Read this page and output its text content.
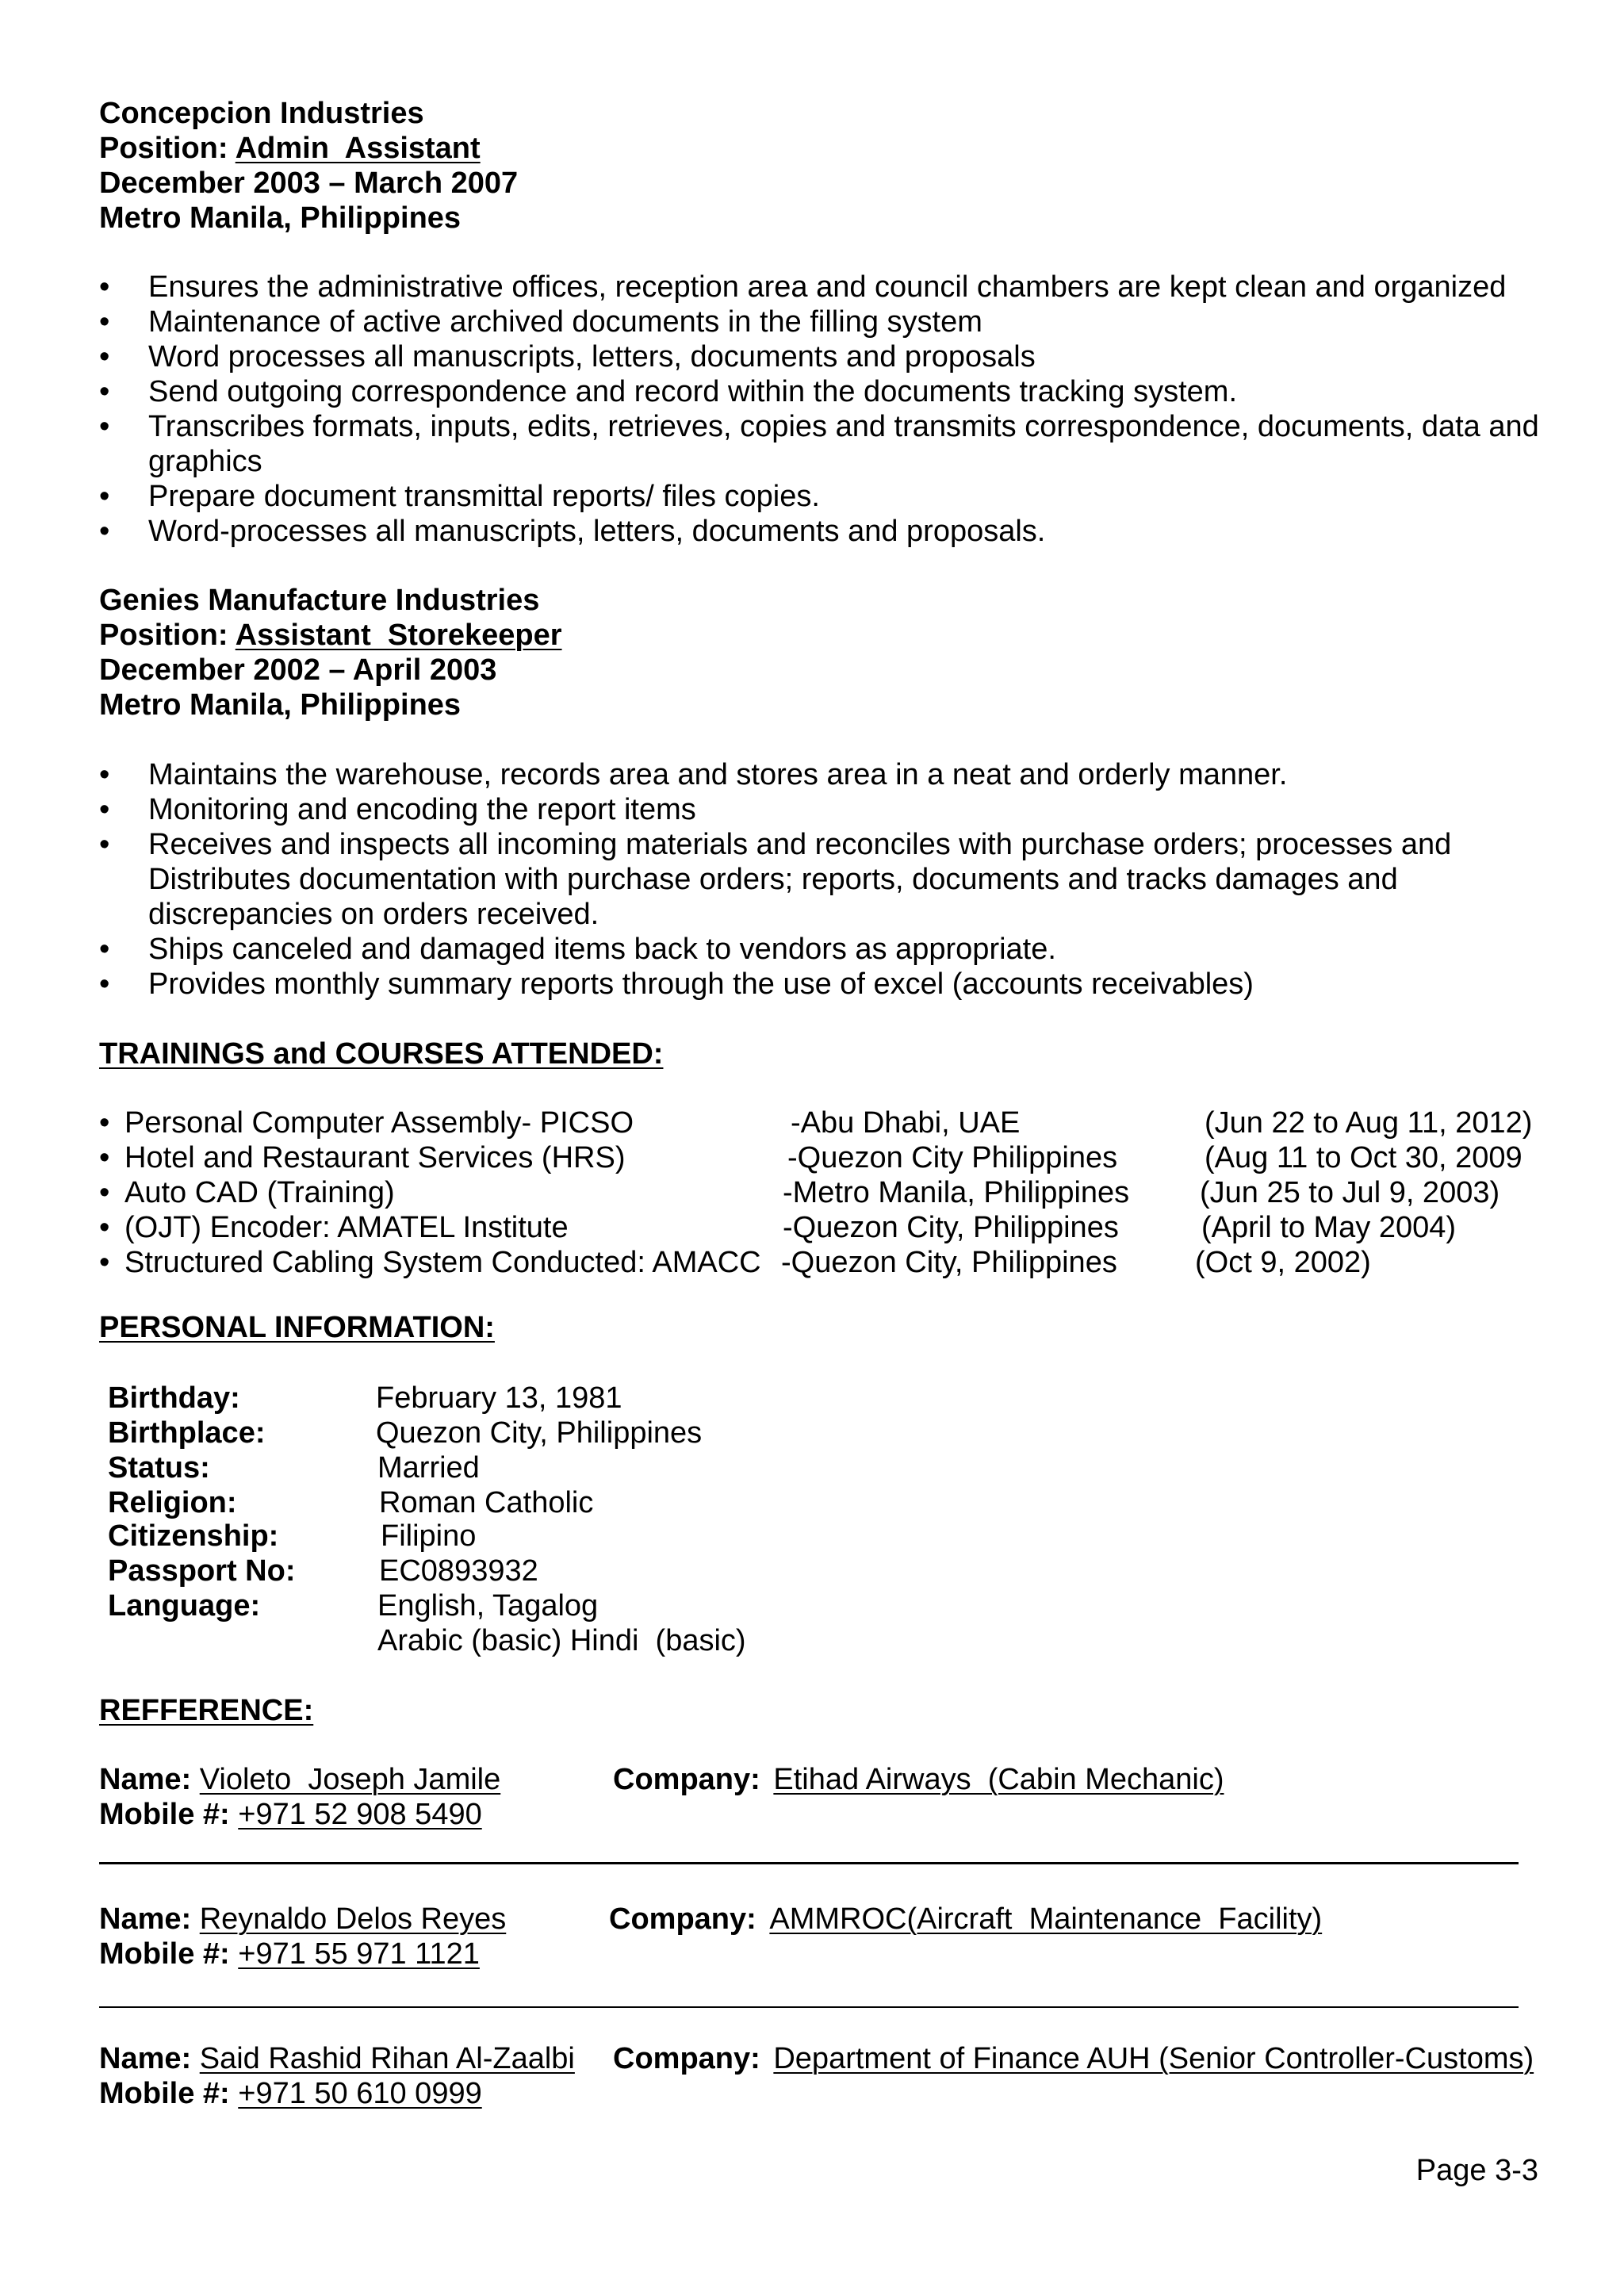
Concepcion Industries
Position: Admin  Assistant
December 2003 – March 2007
Metro Manila, Philippines
•	Ensures the administrative offices, reception area and council chambers are kept clean and organized
•	Maintenance of active archived documents in the filling system
•	Word processes all manuscripts, letters, documents and proposals
•	Send outgoing correspondence and record within the documents tracking system.
•	Transcribes formats, inputs, edits, retrieves, copies and transmits correspondence, documents, data and graphics
•	Prepare document transmittal reports/ files copies.
•	Word-processes all manuscripts, letters, documents and proposals.
Genies Manufacture Industries
Position: Assistant  Storekeeper
December 2002 – April 2003
Metro Manila, Philippines
•	Maintains the warehouse, records area and stores area in a neat and orderly manner.
•	Monitoring and encoding the report items
•	Receives and inspects all incoming materials and reconciles with purchase orders; processes and Distributes documentation with purchase orders; reports, documents and tracks damages and discrepancies on orders received.
•	Ships canceled and damaged items back to vendors as appropriate.
•	Provides monthly summary reports through the use of excel (accounts receivables)
TRAININGS and COURSES ATTENDED:
• Personal Computer Assembly- PICSO	-Abu Dhabi, UAE	(Jun 22 to Aug 11, 2012)
• Hotel and Restaurant Services (HRS)	-Quezon City Philippines	(Aug 11 to Oct 30, 2009
• Auto CAD (Training)	-Metro Manila, Philippines (Jun 25 to Jul 9, 2003)
• (OJT) Encoder: AMATEL Institute	-Quezon City, Philippines	(April to May 2004)
• Structured Cabling System Conducted: AMACC -Quezon City, Philippines	(Oct 9, 2002)
PERSONAL INFORMATION:
Birthday:	February 13, 1981
Birthplace:	Quezon City, Philippines
Status:	Married
Religion:	Roman Catholic
Citizenship:	Filipino
Passport No:	EC0893932
Language:	English, Tagalog
Arabic (basic) Hindi  (basic)
REFFERENCE:
Name: Violeto  Joseph Jamile	Company: Etihad Airways  (Cabin Mechanic)
Mobile #: +971 52 908 5490
Name: Reynaldo Delos Reyes	Company: AMMROC(Aircraft  Maintenance  Facility)
Mobile #: +971 55 971 1121
Name: Said Rashid Rihan Al-Zaalbi Company: Department of Finance AUH (Senior Controller-Customs)
Mobile #: +971 50 610 0999
Page 3-3
